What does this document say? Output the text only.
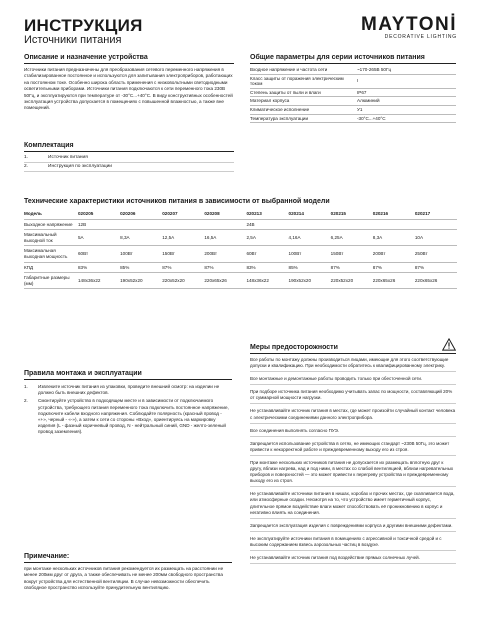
ИНСТРУКЦИЯ
Источники питания
MAYTONİ
DECORATIVE LIGHTING
Описание и назначение устройства
Источники питания предназначены для преобразования сетевого переменного напряжения в стабилизированное постоянное и используются для запитывания электроприборов, работающих на постоянном токе. Особенно широка область применения с низковольтными светодиодными осветительными приборами. Источники питания подключаются к сети переменного тока 230В 50Гц, и эксплуатируются при температуре от -30°С...+40°С. В виду конструктивных особенностей эксплуатация устройства допускается в помещениях с повышенной влажностью, а также вне помещений.
Комплектация
1.	Источник питания
2.	Инструкция по эксплуатации
Общие параметры для серии источников питания
Входное напряжение и частота сети	~170-265В 50Гц
Класс защиты от поражения электрическим током	I
Степень защиты от пыли и влаги	IP67
Материал корпуса	Алюминий
Климатическое исполнение	У1
Температура эксплуатации	-30°С...+40°С
Технические характеристики источников питания в зависимости от выбранной модели
Модель	020205	020206	020207	020208	020213	020214	020215	020216	020217
Выходное напряжение	12В				24В				
Максимальный выходной ток	5А	8,3А	12,5А	16,5А	2,5А	4,16А	6,25А	8,3А	10А
Максимальная выходная мощность	60Вт	100Вт	150Вт	200Вт	60Вт	100Вт	150Вт	200Вт	250Вт
КПД	83%	85%	87%	87%	83%	85%	87%	87%	87%
Габаритные размеры (мм)	148х36х22	190х52х20	220х52х20	220х65х26	148х36х22	190х52х20	220х52х20	220х65х26	220х65х26
Правила монтажа и эксплуатации
1.	Извлеките источник питания из упаковки, проведите внешний осмотр: на изделии не должно быть внешних дефектов.
2.	Смонтируйте устройство в подходящем месте и в зависимости от подключаемого устройства, требующего питания переменного тока подключить постоянное напряжение, подключите кабели входного напряжения. Соблюдайте полярность (красный провод - «+», черный - «-»), а затем к сети со стороны «Вход», ориентируясь на маркировку изделия (L - фазный коричневый провод, N - нейтральный синий, GND - желто-зеленый провод заземления).
Примечание:
при монтаже нескольких источников питания рекомендуется их размещать на расстоянии не менее 200мм друг от друга, а также обеспечивать не менее 200мм свободного пространства вокруг устройства для естественной вентиляции. В случае невозможности обеспечить свободное пространство используйте принудительную вентиляцию.
Меры предосторожности

Все работы по монтажу должны производиться лицами, имеющие для этого соответствующие допуски и квалификацию. При необходимости обратитесь к квалифицированному электрику.

Все монтажные и демонтажные работы проводить только при обесточенной сети.

При подборе источника питания необходимо учитывать запас по мощности, составляющий 20% от суммарной мощности нагрузки.

Не устанавливайте источник питания в местах, где может произойти случайный контакт человека с электрическими соединениями данного электроприбора.

Все соединения выполнять согласно ПУЭ.

Запрещается использование устройства в сетях, не имеющих стандарт ~230В 50Гц, это может привести к некорректной работе и преждевременному выходу его из строя.

При монтаже нескольких источников питания не допускается их размещать вплотную друг к другу, вблизи нагрева, над и под ними, в местах со слабой вентиляцией, вблизи нагревательных приборов и поверхностей — это может привести к перегреву устройства и преждевременному выходу его из строя.

Не устанавливайте источники питания в нишах, коробах и прочих местах, где скапливается вода, или атмосферные осадки. Несмотря на то, что устройство имеет герметичный корпус, длительное прямое воздействие влаги может способствовать её проникновению в корпус и негативно влиять на соединения.

Запрещается эксплуатация изделия с повреждениями корпуса и другими внешними дефектами.

Не эксплуатируйте источники питания в помещениях с агрессивной и токсичной средой и с высоким содержанием взвесь аэрозольных частиц в воздухе.

Не устанавливайте источник питания под воздействие прямых солнечных лучей.
